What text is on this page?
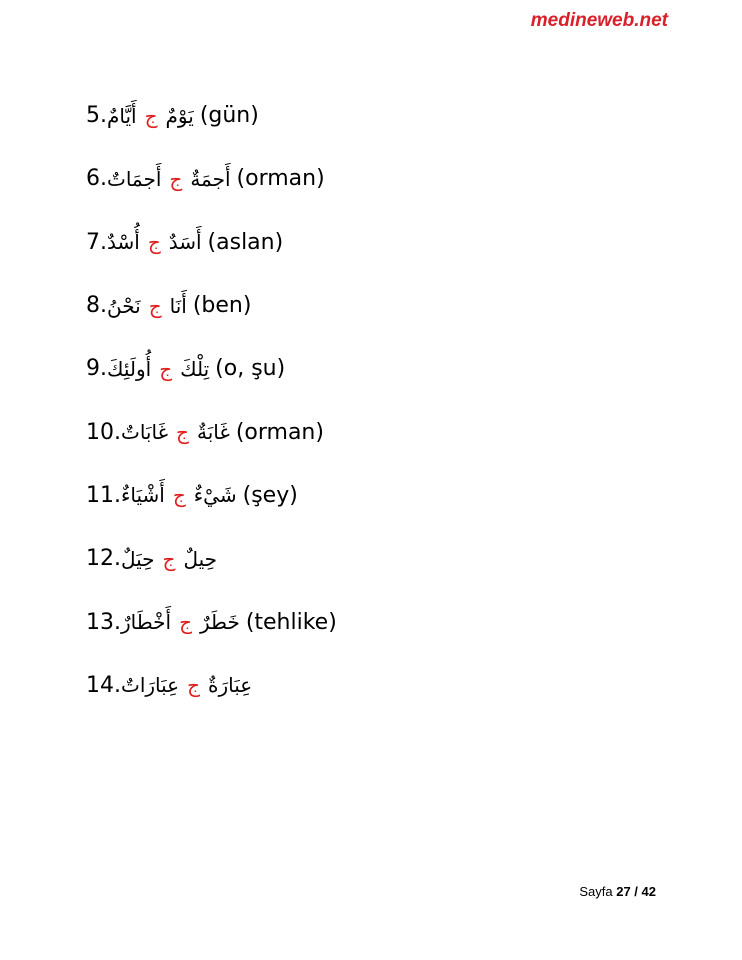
medineweb.net
5. أَيَّامٌ ج يَوْمٌ (gün)
6. أَجمَاتٌ ج أَجمَةٌ (orman)
7. أُسْدٌ ج أَسَدٌ (aslan)
8. نَحْنُ ج أَنَا (ben)
9. أُولَئِكَ ج تِلْكَ (o, şu)
10. غَابَاتٌ ج غَابَةٌ (orman)
11. أَشْيَاءٌ ج شَيْءٌ (şey)
12. حِيَلٌ ج حِيلٌ
13. أَخْطَارٌ ج خَطَرٌ (tehlike)
14. عِبَارَاتٌ ج عِبَارَةٌ
Sayfa 27 / 42
